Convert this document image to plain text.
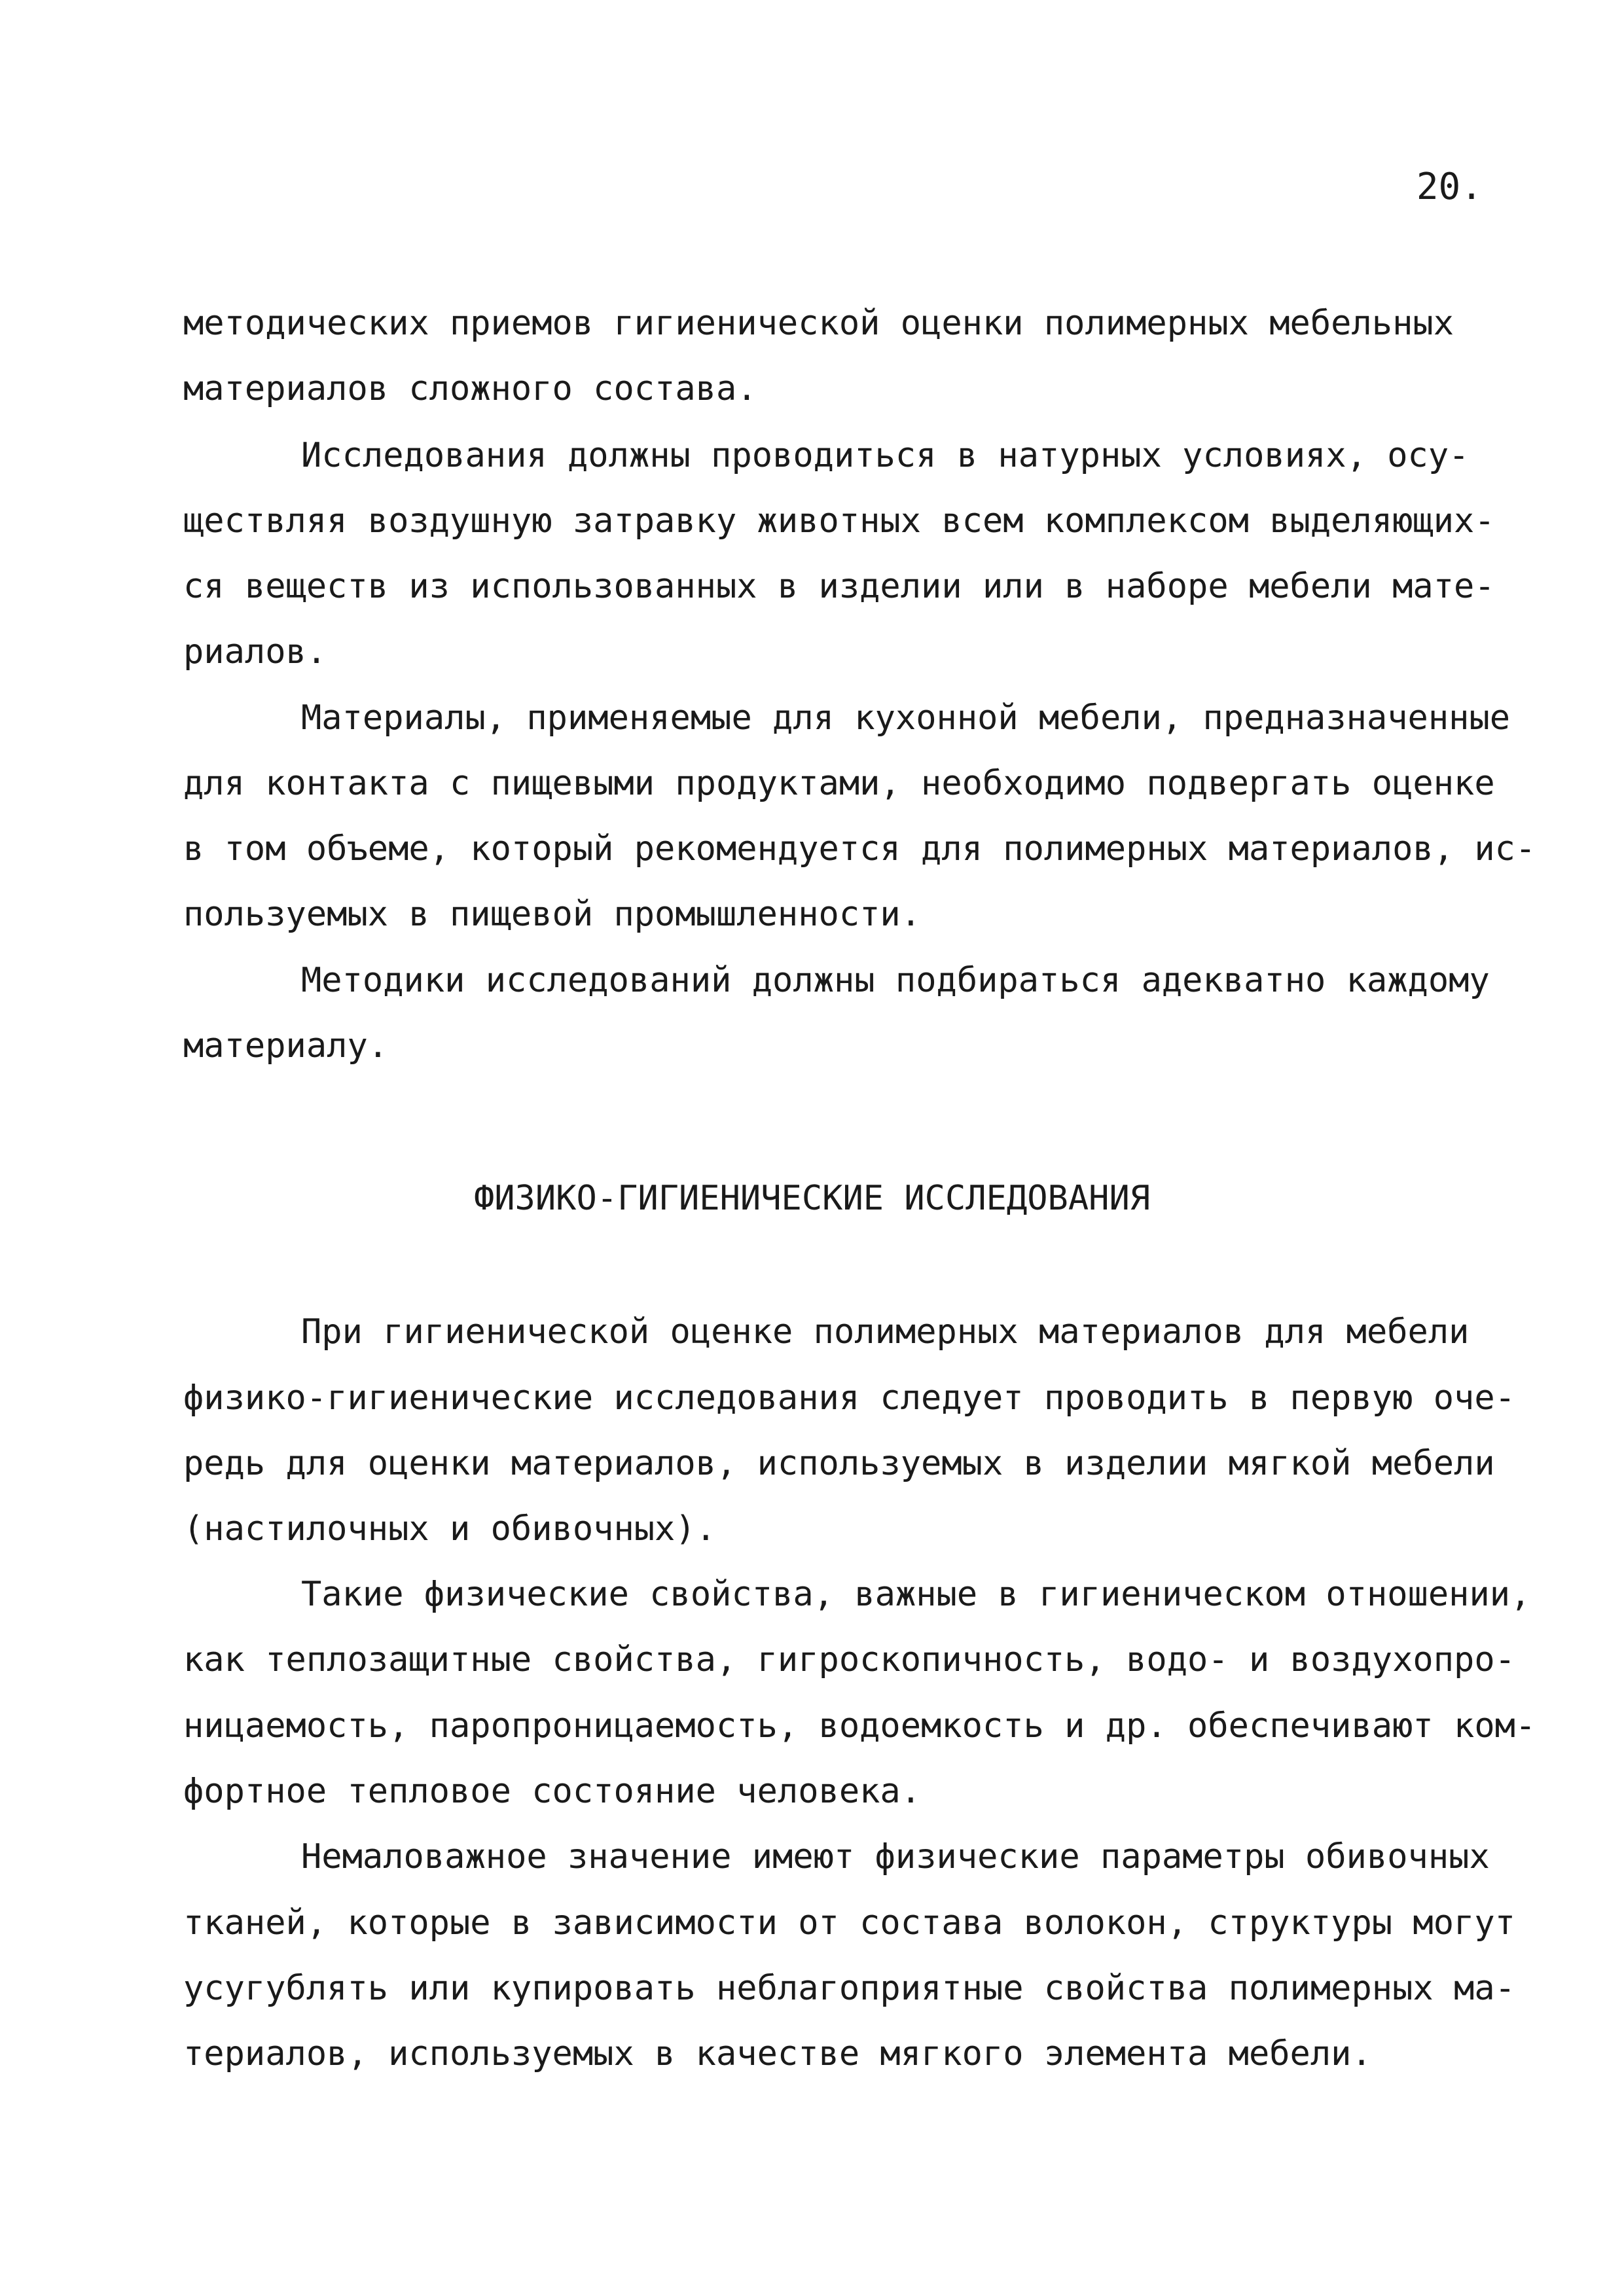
20.
методических приемов гигиенической оценки полимерных мебельных
материалов сложного состава.
Исследования должны проводиться в натурных условиях, осу-
ществляя воздушную затравку животных всем комплексом выделяющих-
ся веществ из использованных в изделии или в наборе мебели мате-
риалов.
Материалы, применяемые для кухонной мебели, предназначенные
для контакта с пищевыми продуктами, необходимо подвергать оценке
в том объеме, который рекомендуется для полимерных материалов, ис-
пользуемых в пищевой промышленности.
Методики исследований должны подбираться адекватно каждому
материалу.
ФИЗИКО-ГИГИЕНИЧЕСКИЕ ИССЛЕДОВАНИЯ
При гигиенической оценке полимерных материалов для мебели
физико-гигиенические исследования следует проводить в первую оче-
редь для оценки материалов, используемых в изделии мягкой мебели
(настилочных и обивочных).
Такие физические свойства, важные в гигиеническом отношении,
как теплозащитные свойства, гигроскопичность, водо- и воздухопро-
ницаемость, паропроницаемость, водоемкость и др. обеспечивают ком-
фортное тепловое состояние человека.
Немаловажное значение имеют физические параметры обивочных
тканей, которые в зависимости от состава волокон, структуры могут
усугублять или купировать неблагоприятные свойства полимерных ма-
териалов, используемых в качестве мягкого элемента мебели.
